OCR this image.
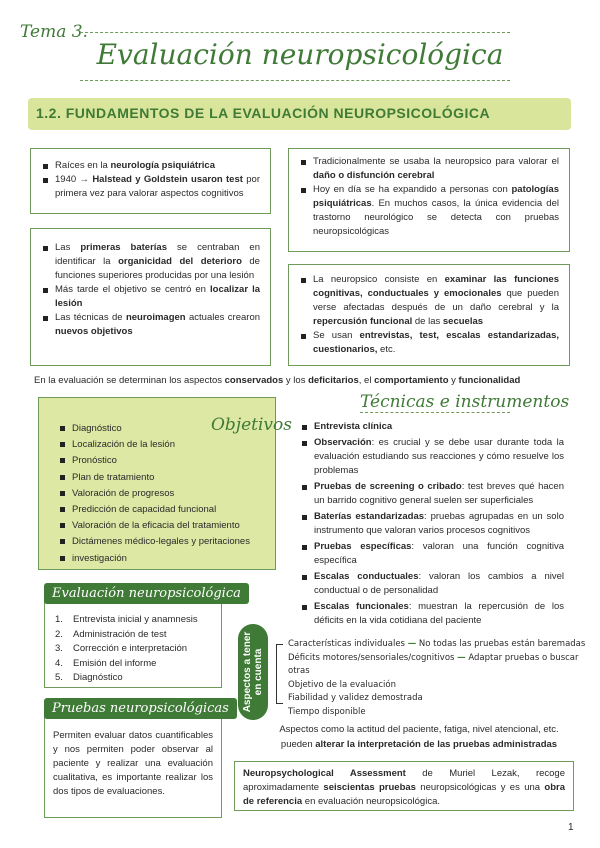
Tema 3.
Evaluación neuropsicológica
1.2. FUNDAMENTOS DE LA EVALUACIÓN NEUROPSICOLÓGICA
Raíces en la neurología psiquiátrica
1940 → Halstead y Goldstein usaron test por primera vez para valorar aspectos cognitivos
Las primeras baterías se centraban en identificar la organicidad del deterioro de funciones superiores producidas por una lesión
Más tarde el objetivo se centró en localizar la lesión
Las técnicas de neuroimagen actuales crearon nuevos objetivos
Tradicionalmente se usaba la neuropsico para valorar el daño o disfunción cerebral
Hoy en día se ha expandido a personas con patologías psiquiátricas. En muchos casos, la única evidencia del trastorno neurológico se detecta con pruebas neuropsicológicas
La neuropsico consiste en examinar las funciones cognitivas, conductuales y emocionales que pueden verse afectadas después de un daño cerebral y la repercusión funcional de las secuelas
Se usan entrevistas, test, escalas estandarizadas, cuestionarios, etc.
En la evaluación se determinan los aspectos conservados y los deficitarios, el comportamiento y funcionalidad
Objetivos
Diagnóstico
Localización de la lesión
Pronóstico
Plan de tratamiento
Valoración de progresos
Predicción de capacidad funcional
Valoración de la eficacia del tratamiento
Dictámenes médico-legales y peritaciones
investigación
Técnicas e instrumentos
Entrevista clínica
Observación: es crucial y se debe usar durante toda la evaluación estudiando sus reacciones y cómo resuelve los problemas
Pruebas de screening o cribado: test breves qué hacen un barrido cognitivo general suelen ser superficiales
Baterías estandarizadas: pruebas agrupadas en un solo instrumento que valoran varios procesos cognitivos
Pruebas específicas: valoran una función cognitiva específica
Escalas conductuales: valoran los cambios a nivel conductual o de personalidad
Escalas funcionales: muestran la repercusión de los déficits en la vida cotidiana del paciente
1. Entrevista inicial y anamnesis
2. Administración de test
3. Corrección e interpretación
4. Emisión del informe
5. Diagnóstico
Evaluación neuropsicológica
Permiten evaluar datos cuantificables y nos permiten poder observar al paciente y realizar una evaluación cualitativa, es importante realizar los dos tipos de evaluaciones.
Pruebas neuropsicológicas	Aspectos a tener en cuenta
Características individuales — No todas las pruebas están baremadas
Déficits motores/sensoriales/cognitivos — Adaptar pruebas o buscar otras
Objetivo de la evaluación
Fiabilidad y validez demostrada
Tiempo disponible
Aspectos como la actitud del paciente, fatiga, nivel atencional, etc. pueden alterar la interpretación de las pruebas administradas
Neuropsychological Assessment de Muriel Lezak, recoge aproximadamente seiscientas pruebas neuropsicológicas y es una obra de referencia en evaluación neuropsicológica.
1
